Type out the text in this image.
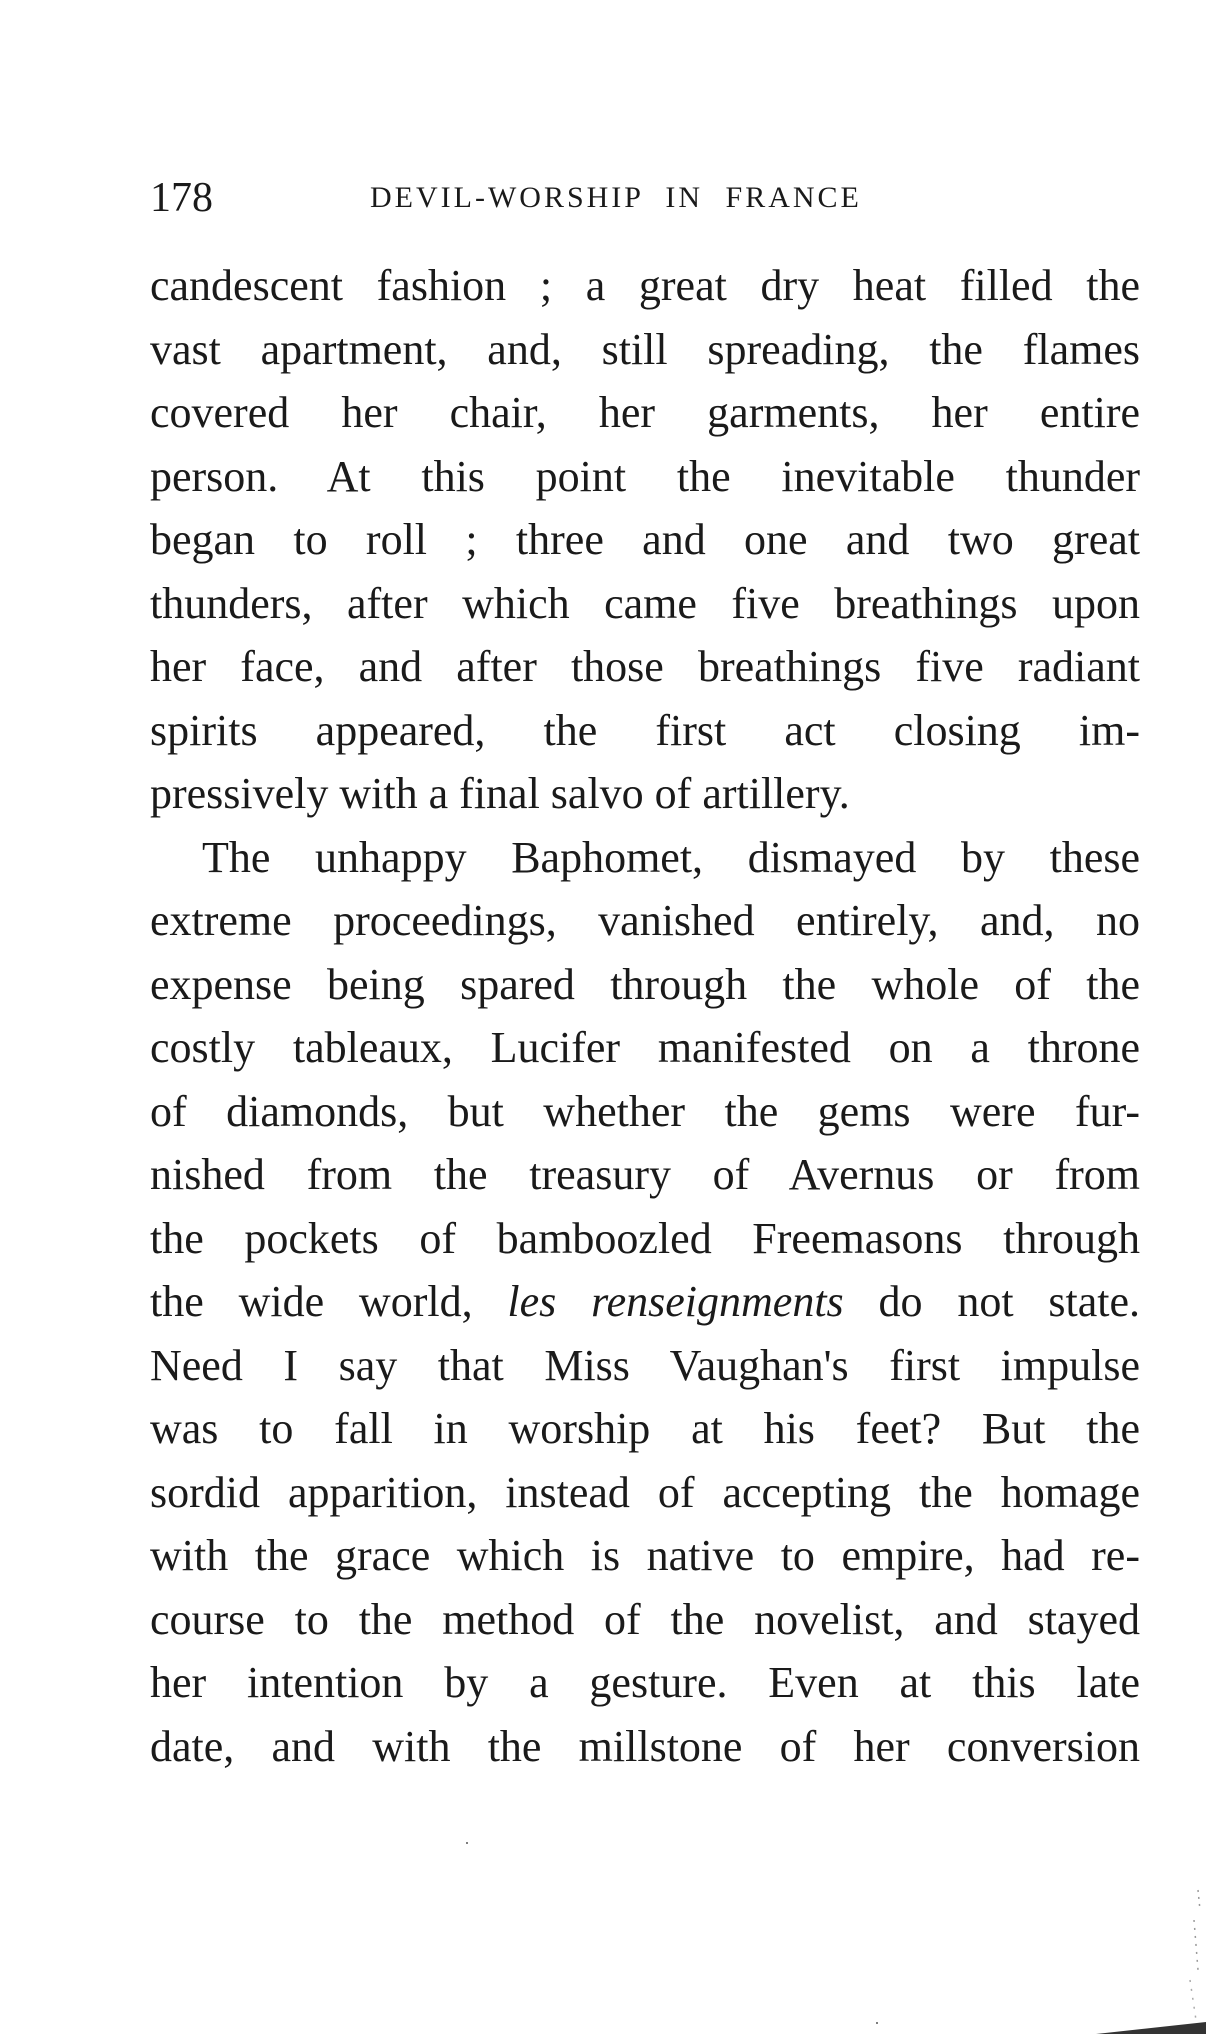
178	DEVIL-WORSHIP IN FRANCE
candescent fashion ; a great dry heat filled the
vast apartment, and, still spreading, the flames
covered her chair, her garments, her entire
person. At this point the inevitable thunder
began to roll ; three and one and two great
thunders, after which came five breathings upon
her face, and after those breathings five radiant
spirits appeared, the first act closing im-
pressively with a final salvo of artillery.
The unhappy Baphomet, dismayed by these
extreme proceedings, vanished entirely, and, no
expense being spared through the whole of the
costly tableaux, Lucifer manifested on a throne
of diamonds, but whether the gems were fur-
nished from the treasury of Avernus or from
the pockets of bamboozled Freemasons through
the wide world, les renseignments do not state.
Need I say that Miss Vaughan's first impulse
was to fall in worship at his feet? But the
sordid apparition, instead of accepting the homage
with the grace which is native to empire, had re-
course to the method of the novelist, and stayed
her intention by a gesture. Even at this late
date, and with the millstone of her conversion
